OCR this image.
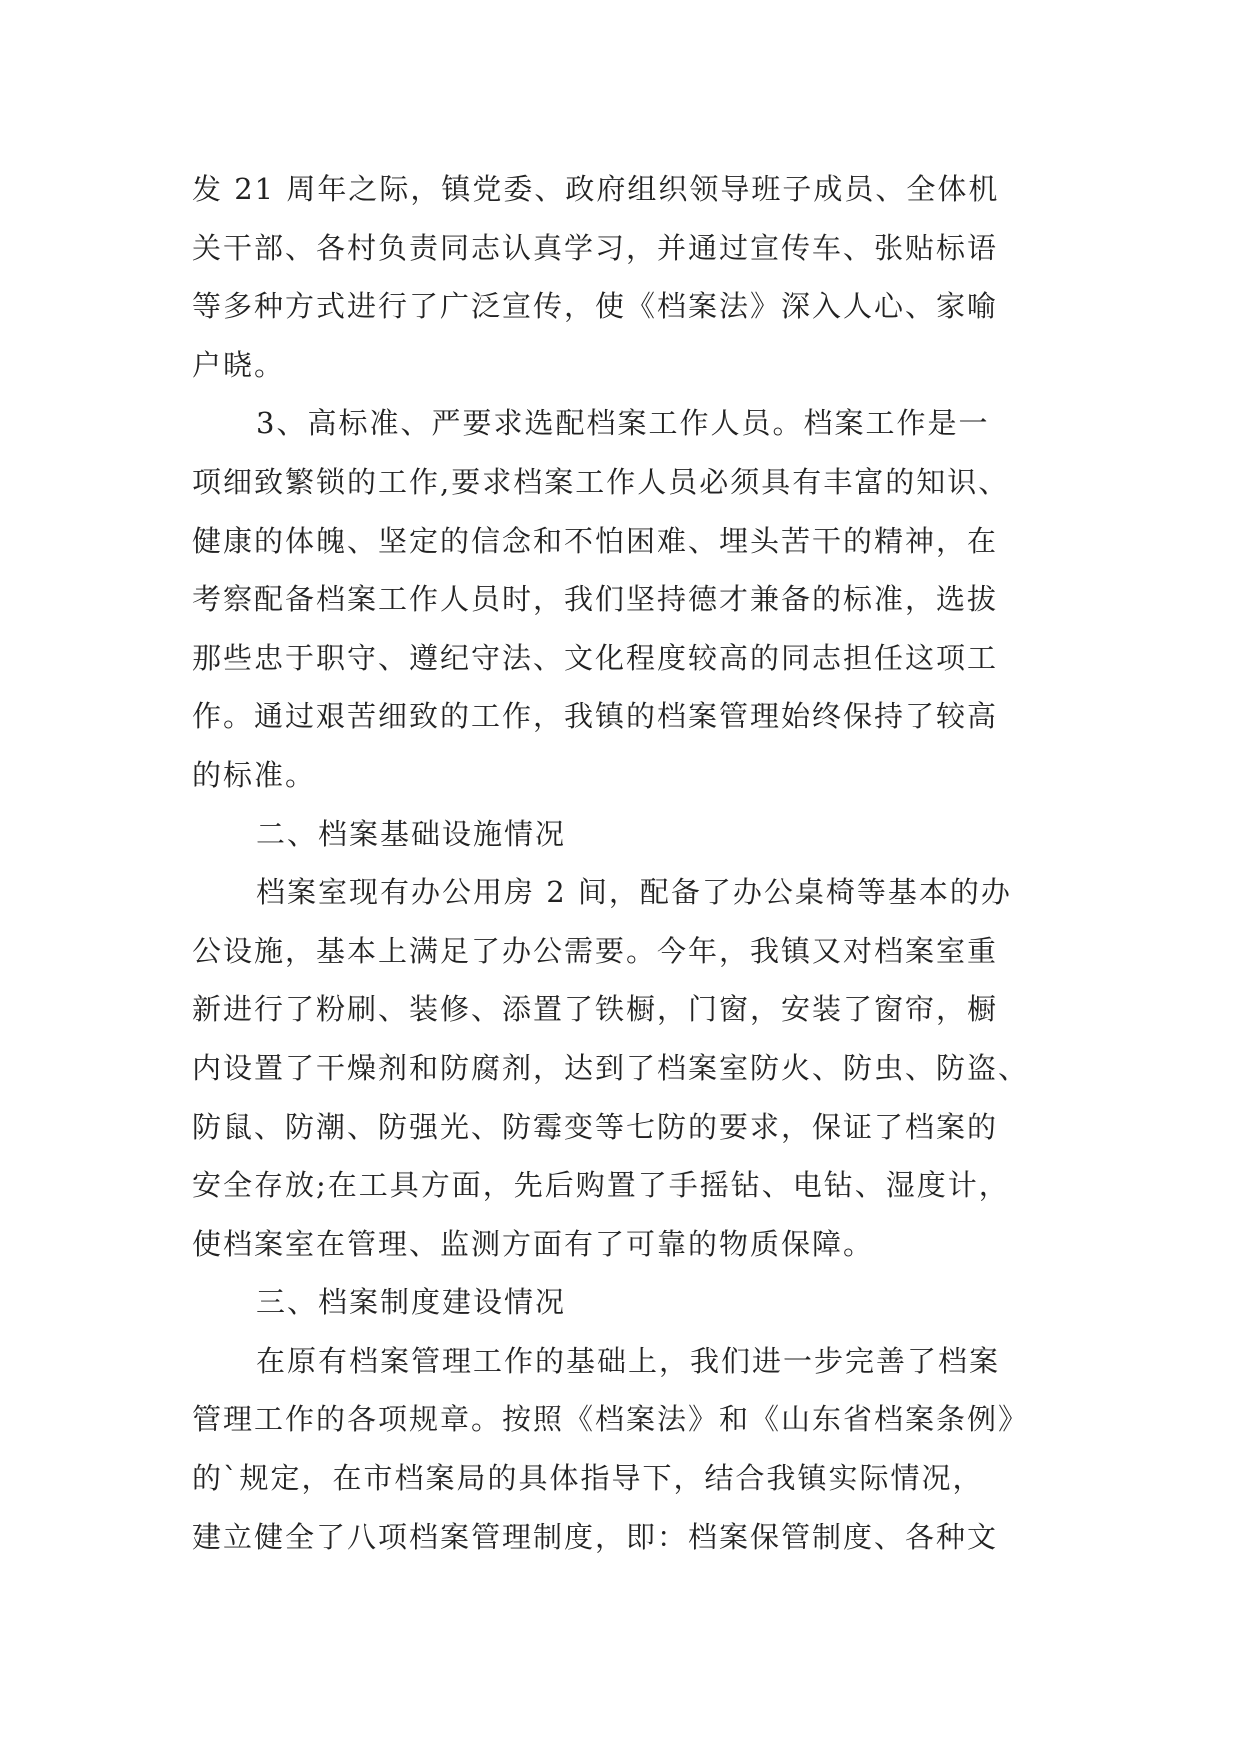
发 21 周年之际，镇党委、政府组织领导班子成员、全体机
关干部、各村负责同志认真学习，并通过宣传车、张贴标语
等多种方式进行了广泛宣传，使《档案法》深入人心、家喻
户晓。
3、高标准、严要求选配档案工作人员。档案工作是一
项细致繁锁的工作,要求档案工作人员必须具有丰富的知识、
健康的体魄、坚定的信念和不怕困难、埋头苦干的精神，在
考察配备档案工作人员时，我们坚持德才兼备的标准，选拔
那些忠于职守、遵纪守法、文化程度较高的同志担任这项工
作。通过艰苦细致的工作，我镇的档案管理始终保持了较高
的标准。
二、档案基础设施情况
档案室现有办公用房 2 间，配备了办公桌椅等基本的办
公设施，基本上满足了办公需要。今年，我镇又对档案室重
新进行了粉刷、装修、添置了铁橱，门窗，安装了窗帘，橱
内设置了干燥剂和防腐剂，达到了档案室防火、防虫、防盗、
防鼠、防潮、防强光、防霉变等七防的要求，保证了档案的
安全存放;在工具方面，先后购置了手摇钻、电钻、湿度计，
使档案室在管理、监测方面有了可靠的物质保障。
三、档案制度建设情况
在原有档案管理工作的基础上，我们进一步完善了档案
管理工作的各项规章。按照《档案法》和《山东省档案条例》
的`规定，在市档案局的具体指导下，结合我镇实际情况，
建立健全了八项档案管理制度，即：档案保管制度、各种文
